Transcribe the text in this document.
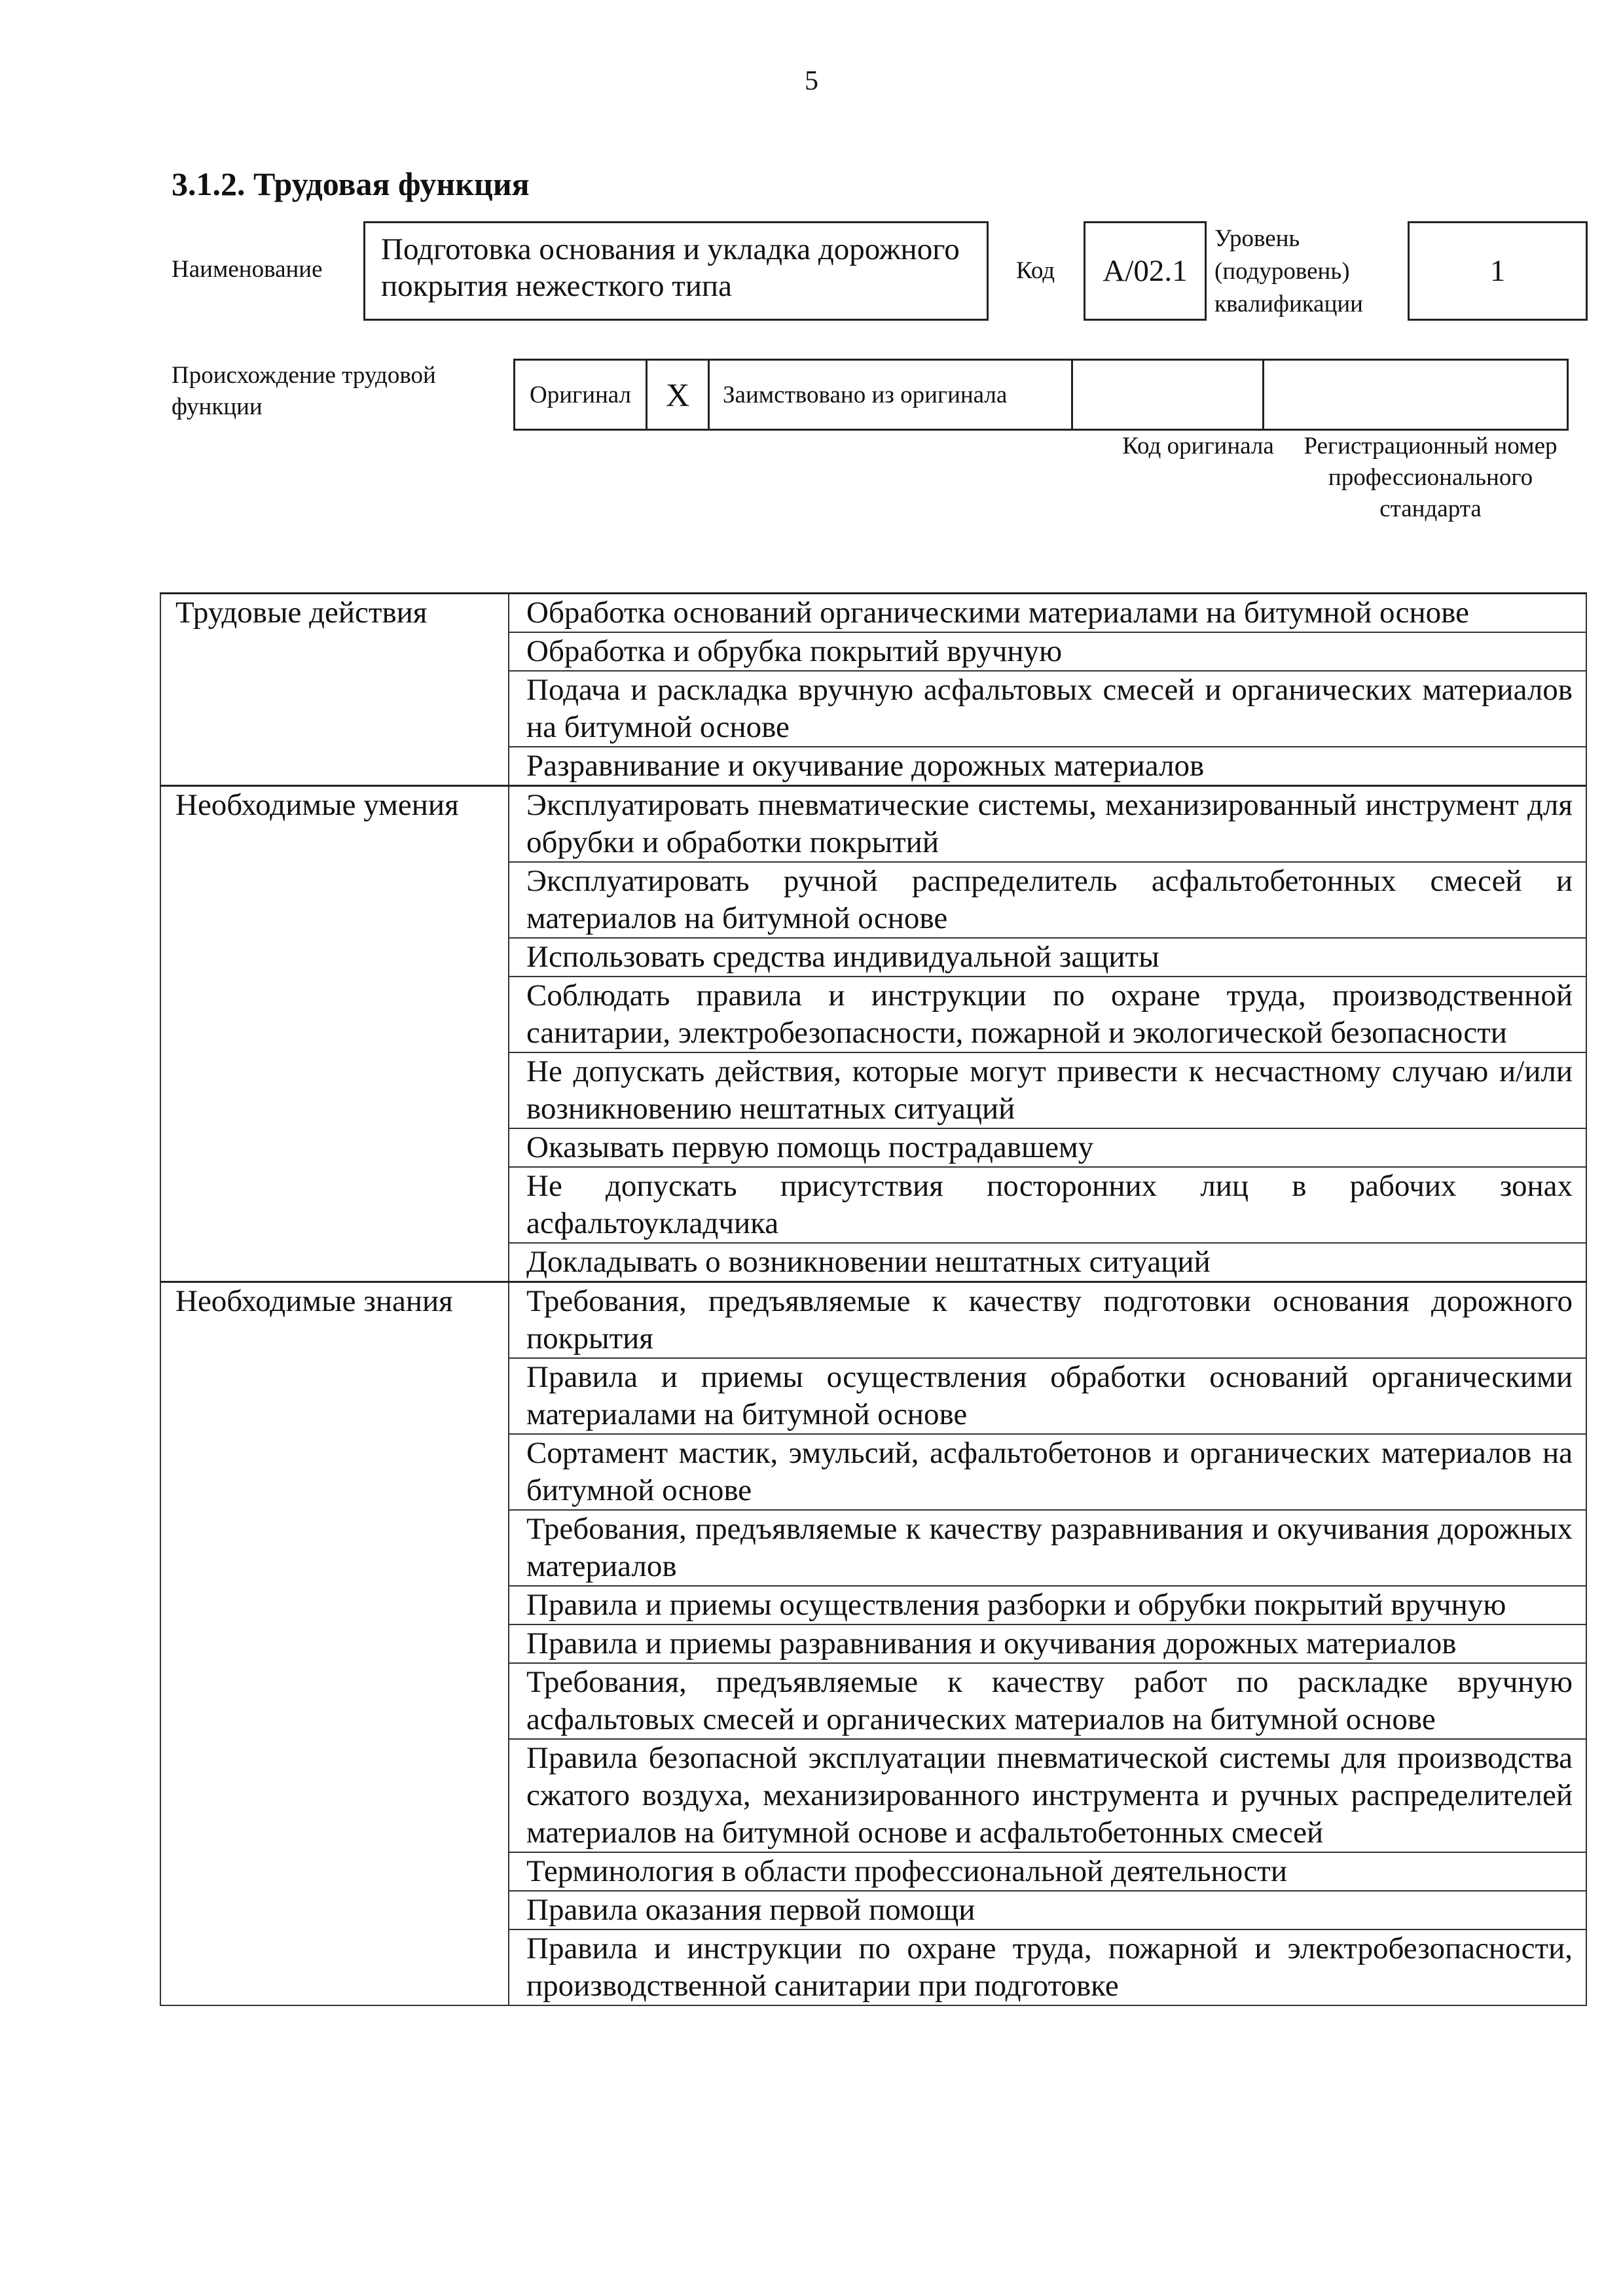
5
3.1.2. Трудовая функция
Наименование
Подготовка основания и укладка дорожного покрытия нежесткого типа	Код A/02.1
Уровень (подуровень) квалификации
1
Происхождение трудовой функции	Оригинал	X	Заимствовано из оригинала		
Код оригинала	Регистрационный номер профессионального стандарта
Трудовые действия	Обработка оснований органическими материалами на битумной основе
	Обработка и обрубка покрытий вручную
	Подача и раскладка вручную асфальтовых смесей и органических материалов на битумной основе
	Разравнивание и окучивание дорожных материалов
Необходимые умения	Эксплуатировать пневматические системы, механизированный инструмент для обрубки и обработки покрытий
	Эксплуатировать ручной распределитель асфальтобетонных смесей и материалов на битумной основе
	Использовать средства индивидуальной защиты
	Соблюдать правила и инструкции по охране труда, производственной санитарии, электробезопасности, пожарной и экологической безопасности
	Не допускать действия, которые могут привести к несчастному случаю и/или возникновению нештатных ситуаций
	Оказывать первую помощь пострадавшему
	Не допускать присутствия посторонних лиц в рабочих зонах асфальтоукладчика
	Докладывать о возникновении нештатных ситуаций
Необходимые знания	Требования, предъявляемые к качеству подготовки основания дорожного покрытия
	Правила и приемы осуществления обработки оснований органическими материалами на битумной основе
	Сортамент мастик, эмульсий, асфальтобетонов и органических материалов на битумной основе
	Требования, предъявляемые к качеству разравнивания и окучивания дорожных материалов
	Правила и приемы осуществления разборки и обрубки покрытий вручную
	Правила и приемы разравнивания и окучивания дорожных материалов
	Требования, предъявляемые к качеству работ по раскладке вручную асфальтовых смесей и органических материалов на битумной основе
	Правила безопасной эксплуатации пневматической системы для производства сжатого воздуха, механизированного инструмента и ручных распределителей материалов на битумной основе и асфальтобетонных смесей
	Терминология в области профессиональной деятельности
	Правила оказания первой помощи
	Правила и инструкции по охране труда, пожарной и электробезопасности, производственной санитарии при подготовке
